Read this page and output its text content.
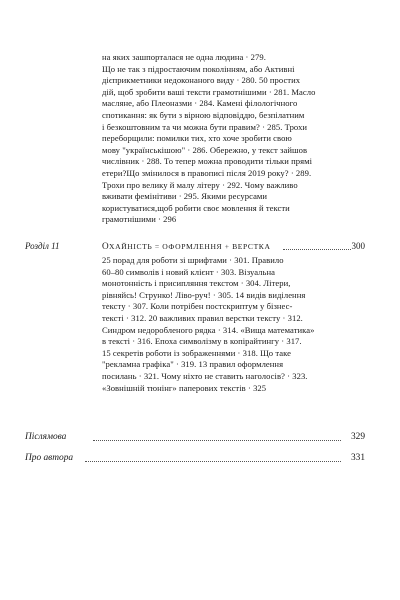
на яких зашпорталася не одна людина · 279.
Що не так з підростаючим поколінням, або Активні
дієприкметники недоконаного виду · 280. 50 простих
дій, щоб зробити ваші тексти грамотнішими · 281. Масло
масляне, або Плеоназми · 284. Камені філологічного
спотикання: як бути з вірною відповіддю, безпілатним
і безкоштовним та чи можна бути правим? · 285. Трохи
переборщили: помилки тих, хто хоче зробити свою
мову "українськішою" · 286. Обережно, у текст зайшов
числівник · 288. То тепер можна проводити тільки прямі
етери?Що змінилося в правописі після 2019 року? · 289.
Трохи про велику й малу літеру · 292. Чому важливо
вживати фемінітиви · 295. Якими ресурсами
користуватися,щоб робити своє мовлення й тексти
грамотнішими · 296
Розділ 11	ОХАЙНІСТЬ = ОФОРМЛЕННЯ + ВЕРСТКА	300
25 порад для роботи зі шрифтами · 301. Правило
60–80 символів і новий клієнт · 303. Візуальна
монотонність і присипляння текстом · 304. Літери,
рівняйсь! Струнко! Ліво-руч! · 305. 14 видів виділення
тексту · 307. Коли потрібен постскриптум у бізнес-
тексті · 312. 20 важливих правил верстки тексту · 312.
Синдром недоробленого рядка · 314. «Вища математика»
в тексті · 316. Епоха символізму в копірайтингу · 317.
15 секретів роботи із зображеннями · 318. Що таке
"рекламна графіка" · 319. 13 правил оформлення
посилань · 321. Чому ніхто не ставить наголосів? · 323.
«Зовнішній тюнінг» паперових текстів · 325
Післямова	329
Про автора	331
